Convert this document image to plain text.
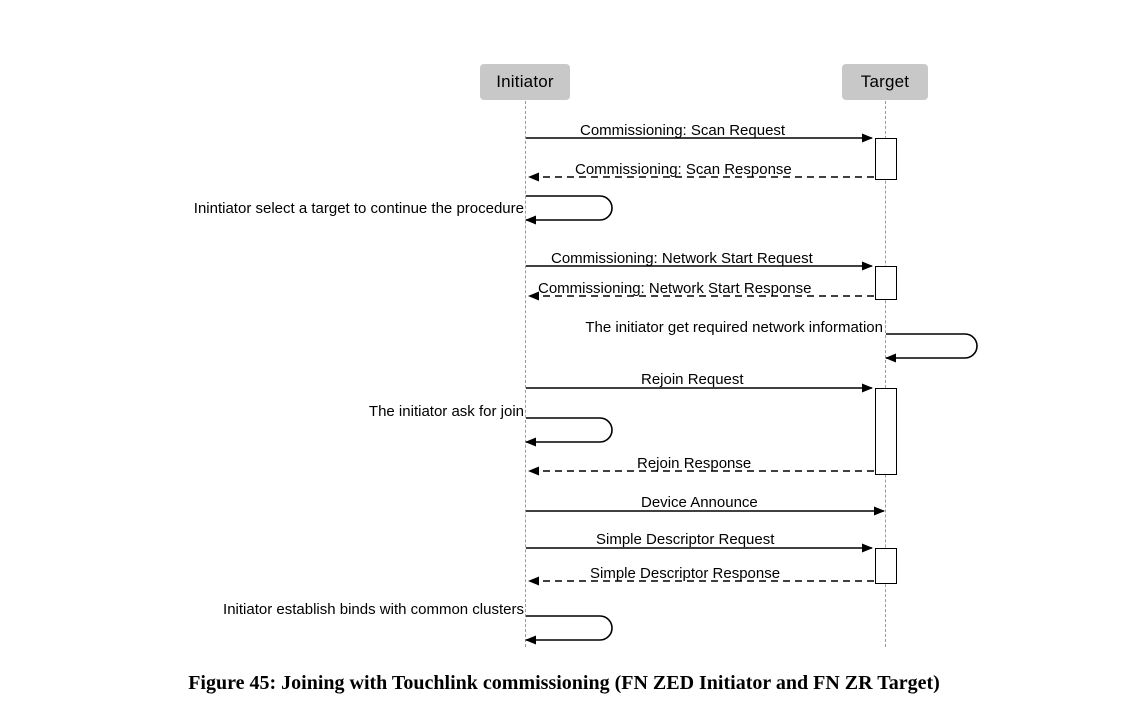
Initiator	Target
Commissioning: Scan Request
Commissioning: Scan Response
Inintiator select a target to continue the procedure
Commissioning: Network Start Request
Commissioning: Network Start Response
The initiator get required network information
Rejoin Request
The initiator ask for join
Rejoin Response
Device Announce
Simple Descriptor Request
Simple Descriptor Response
Initiator establish binds with common clusters
Figure 45: Joining with Touchlink commissioning (FN ZED Initiator and FN ZR Target)
